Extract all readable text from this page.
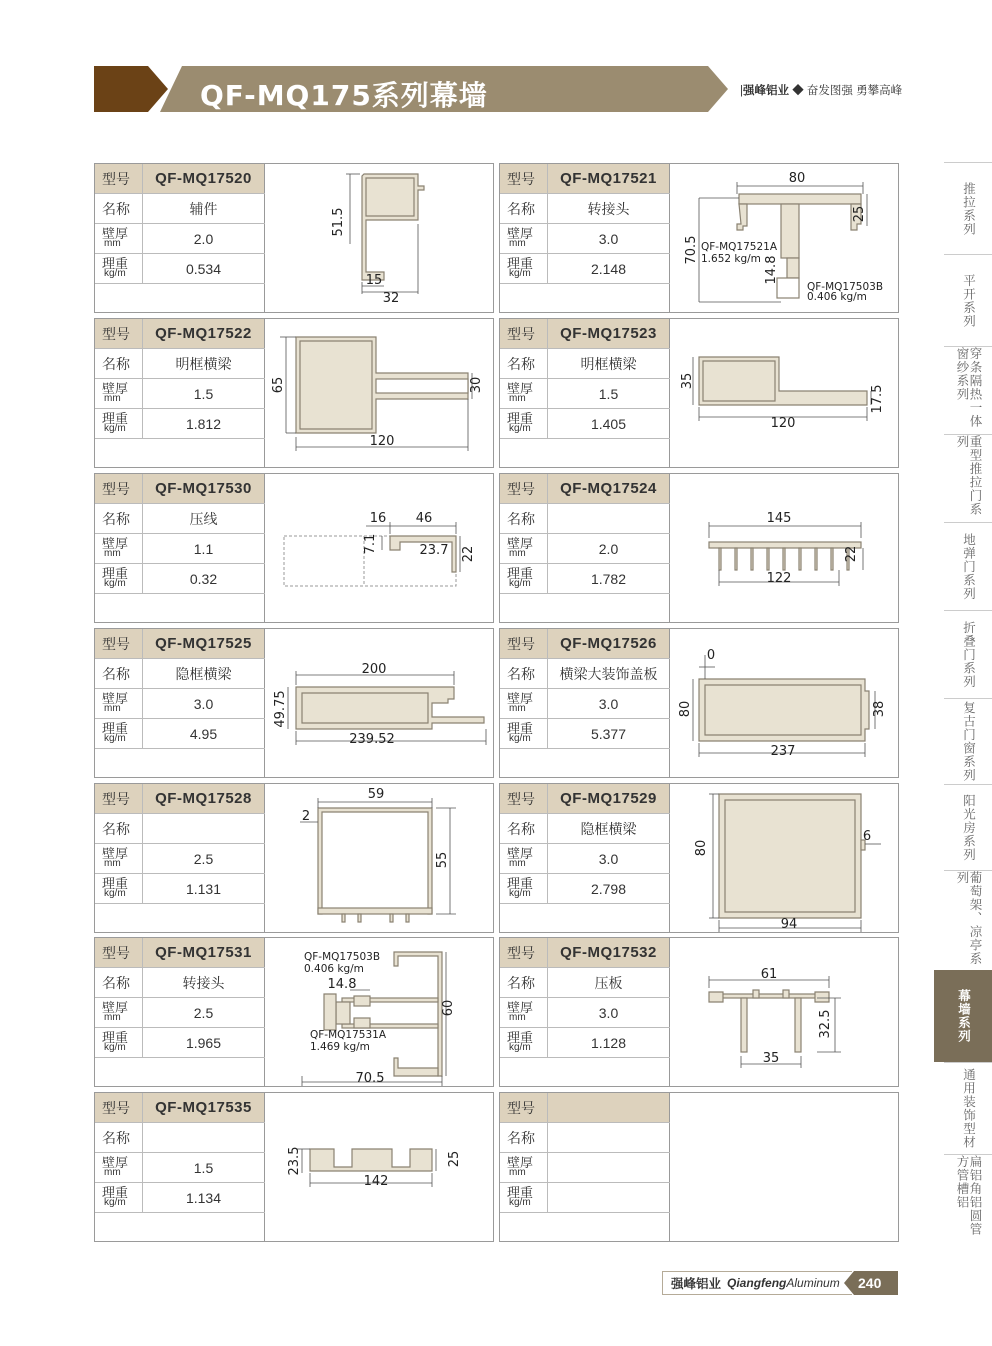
QF-MQ175系列幕墙	|强峰铝业 ◆ 奋发图强 勇攀高峰
型号	QF-MQ17520
名称	辅件
壁厚
mm	2.0
理重
kg/m	0.534
51.5
15
32
型号	QF-MQ17521
名称	转接头
壁厚
mm	3.0
理重
kg/m	2.148
80
25
70.5
14.8
QF-MQ17521A
1.652 kg/m
QF-MQ17503B
0.406 kg/m
型号	QF-MQ17522
名称	明框横梁
壁厚
mm	1.5
理重
kg/m	1.812
65	30
120
型号	QF-MQ17523
名称	明框横梁
壁厚
mm	1.5
理重
kg/m	1.405
35
17.5
120
型号	QF-MQ17530
名称	压线
壁厚
mm	1.1
理重
kg/m	0.32
16 46
7.1	23.7 22
型号	QF-MQ17524
名称
壁厚
mm	2.0
理重
kg/m	1.782
145
22
122
型号	QF-MQ17525
名称	隐框横梁
壁厚
mm	3.0
理重
kg/m	4.95
200
49.75
239.52
型号	QF-MQ17526
名称	横梁大装饰盖板
壁厚
mm	3.0
理重
kg/m	5.377
0
80	38
237
型号	QF-MQ17528
名称
壁厚
mm	2.5
理重
kg/m	1.131
59
2
55
型号	QF-MQ17529
名称	隐框横梁
壁厚
mm	3.0
理重
kg/m	2.798
80
6
94
型号	QF-MQ17531
名称	转接头
壁厚
mm	2.5
理重
kg/m	1.965
14.8
60
70.5
QF-MQ17503B
0.406 kg/m
QF-MQ17531A
1.469 kg/m
型号	QF-MQ17532
名称	压板
壁厚
mm	3.0
理重
kg/m	1.128
61
32.5
35
型号	QF-MQ17535
名称
壁厚
mm	1.5
理重
kg/m	1.134
23.5	25
142
型号
名称
壁厚
mm
理重
kg/m
推拉系列
平开系列
穿条隔热一体窗纱系列
重型推拉门系列
地弹门系列
折叠门系列
复古门窗系列
阳光房系列
葡萄架、凉亭系列
幕墙系列
通用装饰型材
扁铝角铝圆管方管槽铝
强峰铝业 Qiangfeng Aluminum 240
